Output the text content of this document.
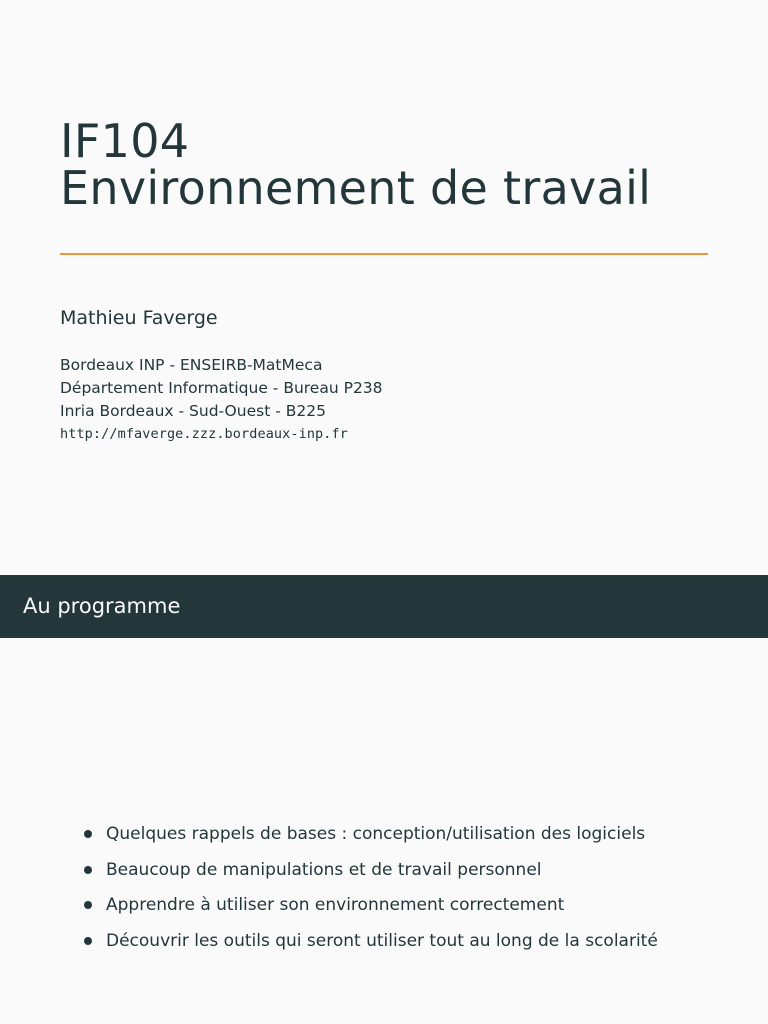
IF104
Environnement de travail
Mathieu Faverge
Bordeaux INP - ENSEIRB-MatMeca
Département Informatique - Bureau P238
Inria Bordeaux - Sud-Ouest - B225
http://mfaverge.zzz.bordeaux-inp.fr
Au programme
Quelques rappels de bases : conception/utilisation des logiciels
Beaucoup de manipulations et de travail personnel
Apprendre à utiliser son environnement correctement
Découvrir les outils qui seront utiliser tout au long de la scolarité
